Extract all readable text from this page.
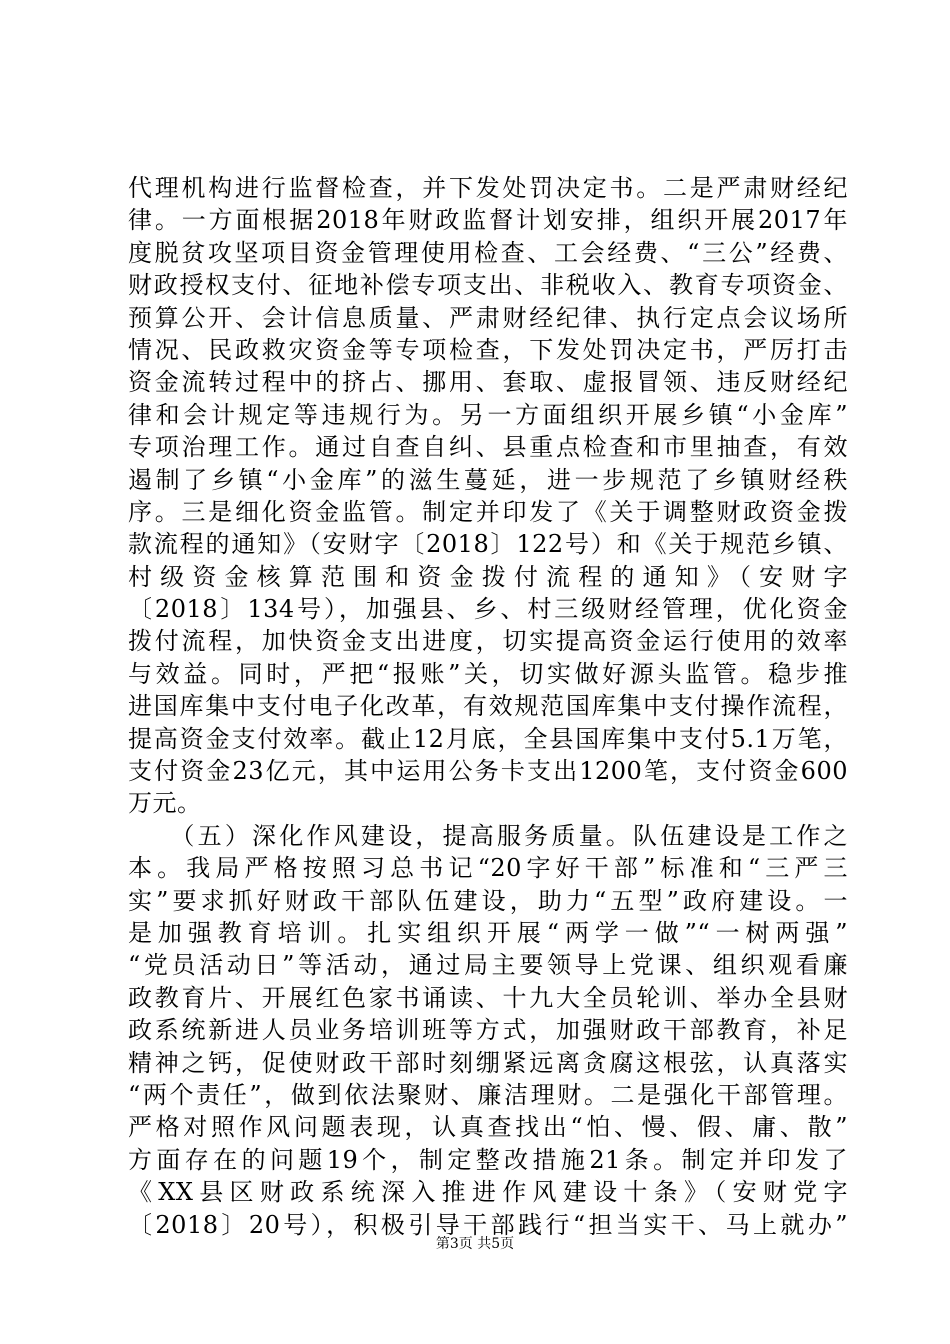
代理机构进行监督检查，并下发处罚决定书。二是严肃财经纪
律。一方面根据2018年财政监督计划安排，组织开展2017年
度脱贫攻坚项目资金管理使用检查、工会经费、“三公”经费、
财政授权支付、征地补偿专项支出、非税收入、教育专项资金、
预算公开、会计信息质量、严肃财经纪律、执行定点会议场所
情况、民政救灾资金等专项检查，下发处罚决定书，严厉打击
资金流转过程中的挤占、挪用、套取、虚报冒领、违反财经纪
律和会计规定等违规行为。另一方面组织开展乡镇“小金库”
专项治理工作。通过自查自纠、县重点检查和市里抽查，有效
遏制了乡镇“小金库”的滋生蔓延，进一步规范了乡镇财经秩
序。三是细化资金监管。制定并印发了《关于调整财政资金拨
款流程的通知》（安财字〔2018〕122号）和《关于规范乡镇、
村级资金核算范围和资金拨付流程的通知》（安财字
〔2018〕134号），加强县、乡、村三级财经管理，优化资金
拨付流程，加快资金支出进度，切实提高资金运行使用的效率
与效益。同时，严把“报账”关，切实做好源头监管。稳步推
进国库集中支付电子化改革，有效规范国库集中支付操作流程，
提高资金支付效率。截止12月底，全县国库集中支付5.1万笔，
支付资金23亿元，其中运用公务卡支出1200笔，支付资金600
万元。
　　（五）深化作风建设，提高服务质量。队伍建设是工作之
本。我局严格按照习总书记“20字好干部”标准和“三严三
实”要求抓好财政干部队伍建设，助力“五型”政府建设。一
是加强教育培训。扎实组织开展“两学一做”“一树两强”
“党员活动日”等活动，通过局主要领导上党课、组织观看廉
政教育片、开展红色家书诵读、十九大全员轮训、举办全县财
政系统新进人员业务培训班等方式，加强财政干部教育，补足
精神之钙，促使财政干部时刻绷紧远离贪腐这根弦，认真落实
“两个责任”，做到依法聚财、廉洁理财。二是强化干部管理。
严格对照作风问题表现，认真查找出“怕、慢、假、庸、散”
方面存在的问题19个，制定整改措施21条。制定并印发了
《XX县区财政系统深入推进作风建设十条》（安财党字
〔2018〕20号），积极引导干部践行“担当实干、马上就办”
第3页 共5页
